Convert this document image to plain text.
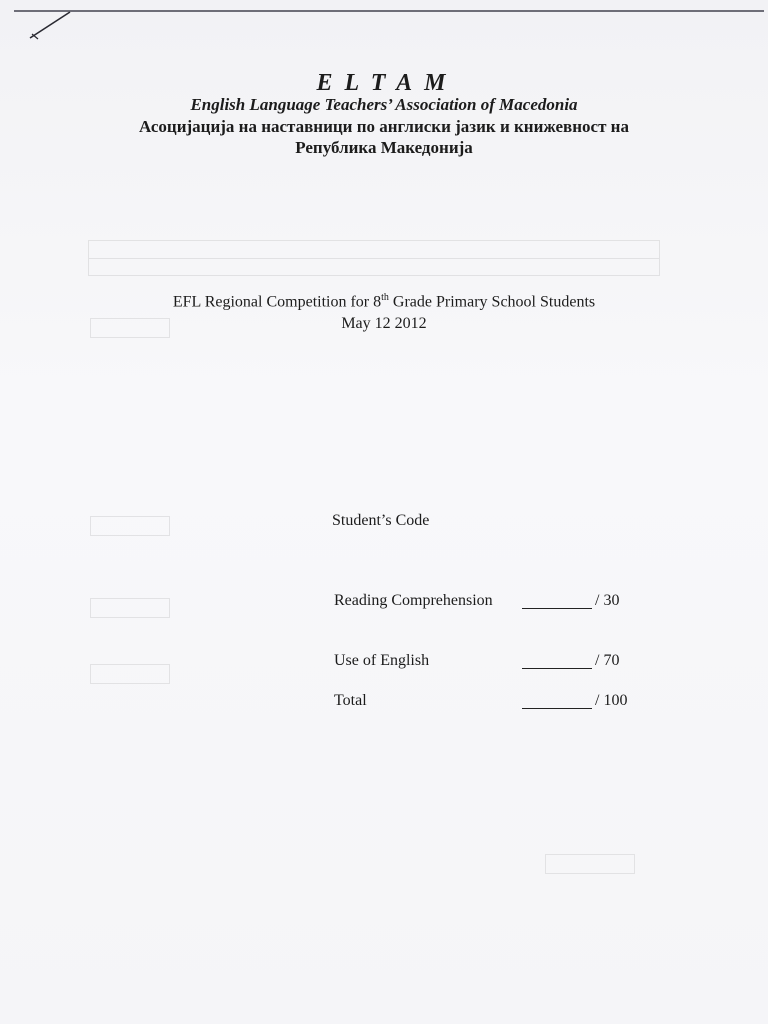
ELTAM
English Language Teachers’ Association of Macedonia
Асоцијација на наставници по англиски јазик и книжевност на Република Македонија
EFL Regional Competition for 8th Grade Primary School Students
May 12 2012
Student’s Code
Reading Comprehension	/ 30
Use of English	/ 70
Total	/ 100
